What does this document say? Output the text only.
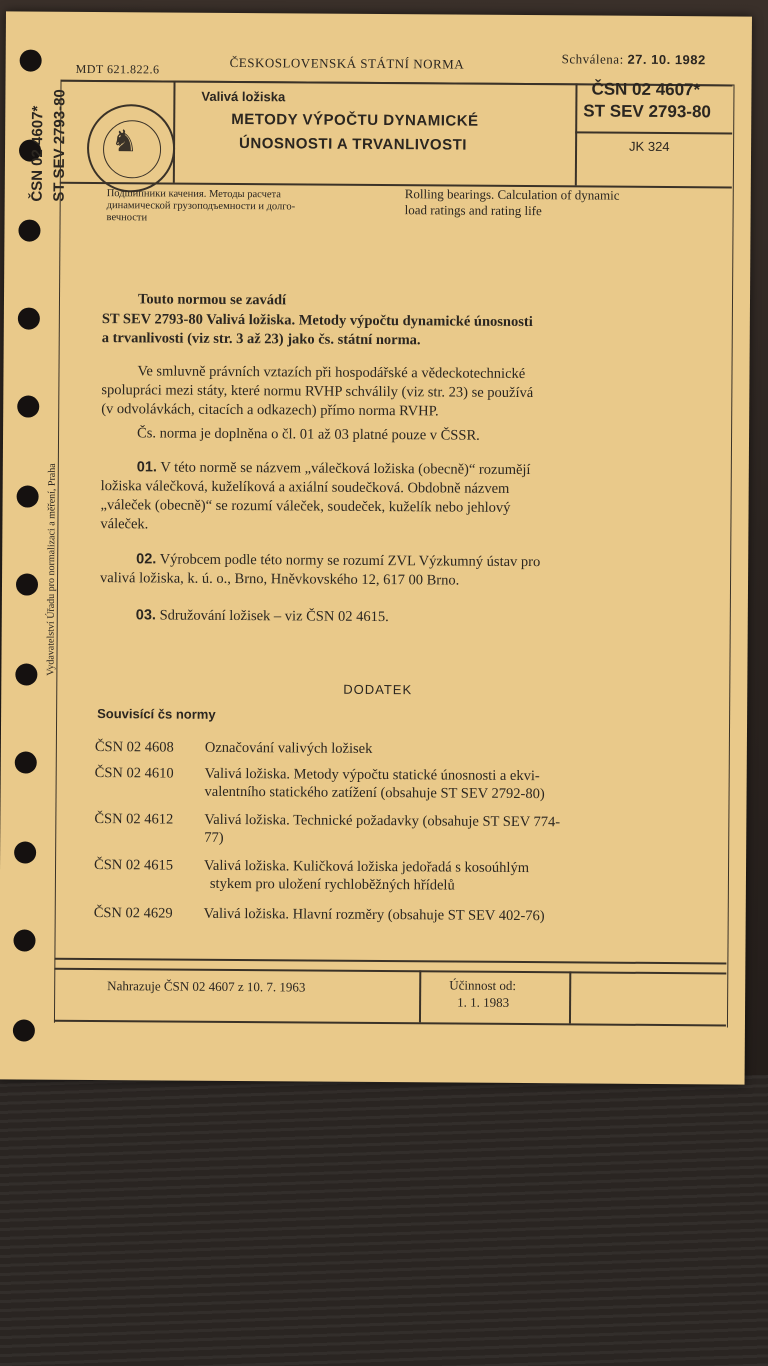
ČSN 02 4607* ST SEV 2793-80
Vydavatelství Úřadu pro normalizaci a měření, Praha
MDT 621.822.6	ČESKOSLOVENSKÁ STÁTNÍ NORMA	Schválena: 27. 10. 1982
♞
Valivá ložiska
METODY VÝPOČTU DYNAMICKÉ
ÚNOSNOSTI A TRVANLIVOSTI
ČSN 02 4607*
ST SEV 2793-80
JK 324
Подшипники качения. Методы расчета
динамической грузоподъемности и долго-
вечности
Rolling bearings. Calculation of dynamic
load ratings and rating life
Touto normou se zavádí
ST SEV 2793-80 Valivá ložiska. Metody výpočtu dynamické únosnosti
a trvanlivosti (viz str. 3 až 23) jako čs. státní norma.
Ve smluvně právních vztazích při hospodářské a vědeckotechnické
spolupráci mezi státy, které normu RVHP schválily (viz str. 23) se používá
(v odvolávkách, citacích a odkazech) přímo norma RVHP.
Čs. norma je doplněna o čl. 01 až 03 platné pouze v ČSSR.
01. V této normě se názvem „válečková ložiska (obecně)“ rozumějí
ložiska válečková, kuželíková a axiální soudečková. Obdobně názvem
„váleček (obecně)“ se rozumí váleček, soudeček, kuželík nebo jehlový
váleček.
02. Výrobcem podle této normy se rozumí ZVL Výzkumný ústav pro
valivá ložiska, k. ú. o., Brno, Hněvkovského 12, 617 00 Brno.
03. Sdružování ložisek – viz ČSN 02 4615.
DODATEK
Souvisící čs normy
ČSN 02 4608 Označování valivých ložisek
ČSN 02 4610 Valivá ložiska. Metody výpočtu statické únosnosti a ekvi-
valentního statického zatížení (obsahuje ST SEV 2792-80)
ČSN 02 4612 Valivá ložiska. Technické požadavky (obsahuje ST SEV 774-
77)
ČSN 02 4615 Valivá ložiska. Kuličková ložiska jedořadá s kosoúhlým
stykem pro uložení rychloběžných hřídelů
ČSN 02 4629 Valivá ložiska. Hlavní rozměry (obsahuje ST SEV 402-76)
Nahrazuje ČSN 02 4607 z 10. 7. 1963	Účinnost od:
1. 1. 1983
